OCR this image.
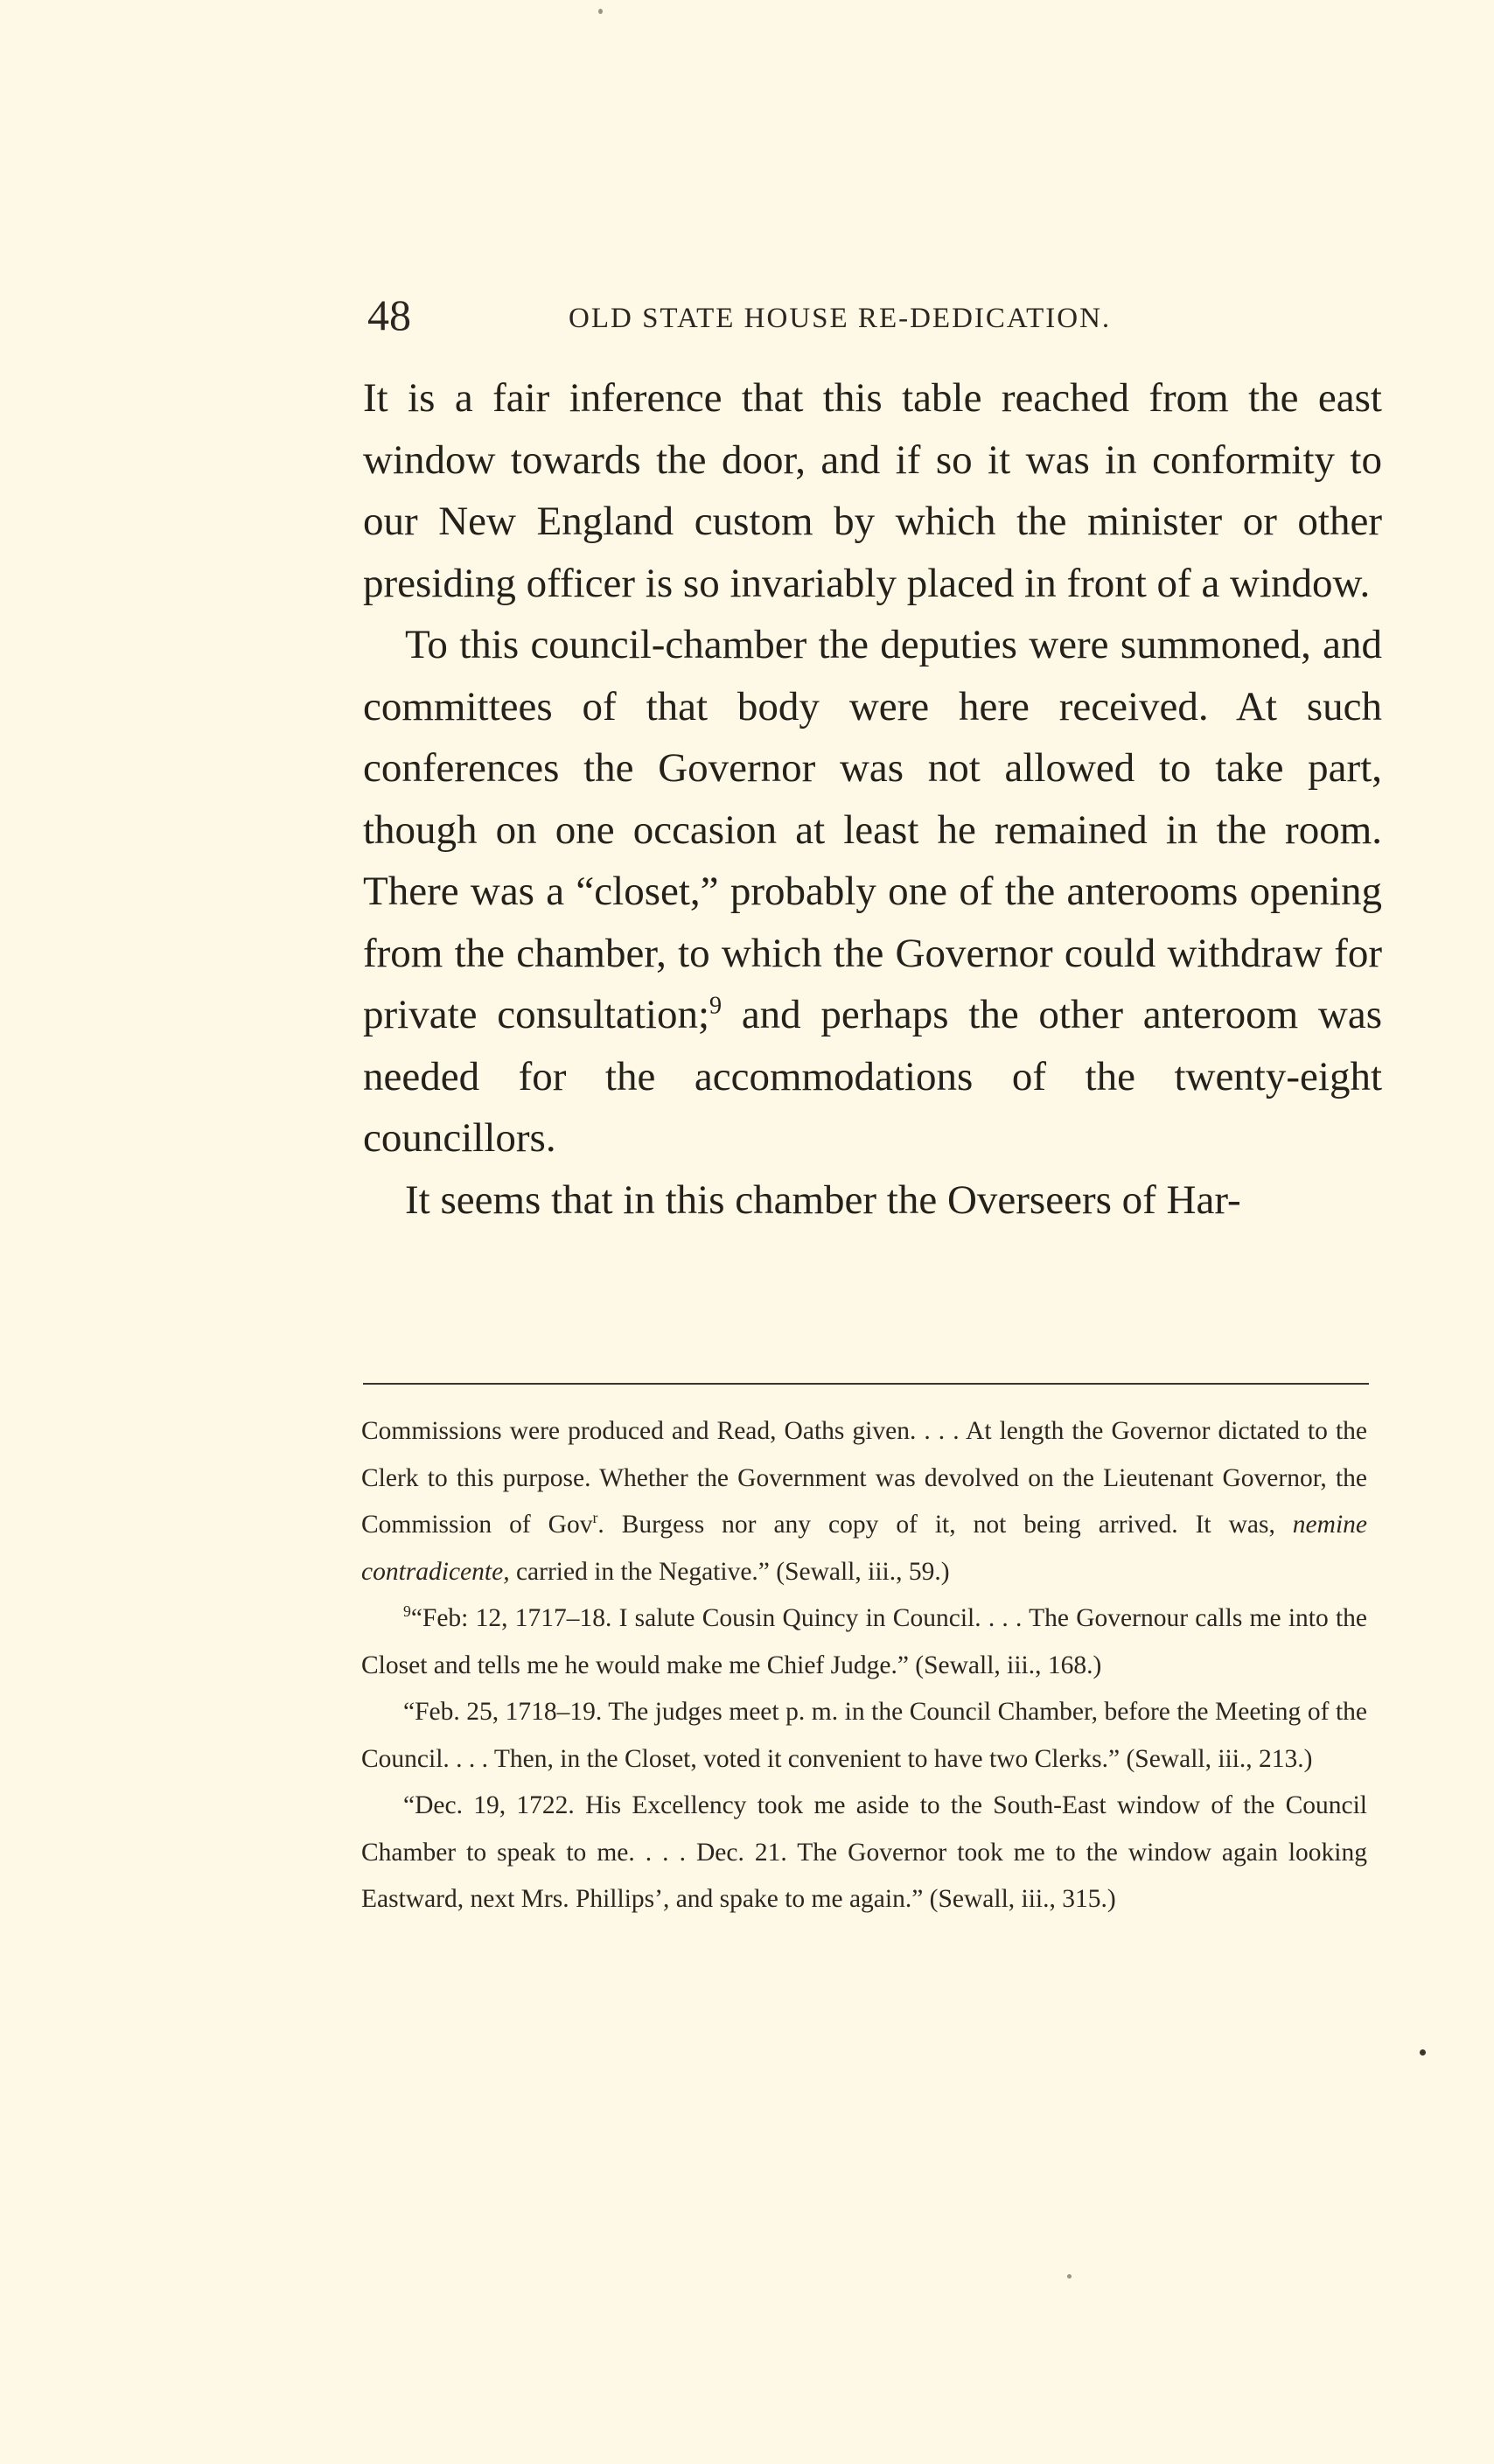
48	OLD STATE HOUSE RE-DEDICATION.

It is a fair inference that this table reached from the east window towards the door, and if so it was in conformity to our New England custom by which the minister or other presiding officer is so invariably placed in front of a window.

To this council-chamber the deputies were summoned, and committees of that body were here received. At such conferences the Governor was not allowed to take part, though on one occasion at least he remained in the room. There was a “closet,” probably one of the anterooms opening from the chamber, to which the Governor could withdraw for private consultation;$^9$ and perhaps the other anteroom was needed for the accommodations of the twenty-eight councillors.

It seems that in this chamber the Overseers of Har-

Commissions were produced and Read, Oaths given. . . . At length the Governor dictated to the Clerk to this purpose. Whether the Government was devolved on the Lieutenant Governor, the Commission of Gov$^r$. Burgess nor any copy of it, not being arrived. It was, nemine contradicente, carried in the Negative.” (Sewall, iii., 59.)

$^9$“Feb: 12, 1717–18. I salute Cousin Quincy in Council. . . . The Governour calls me into the Closet and tells me he would make me Chief Judge.” (Sewall, iii., 168.)

“Feb. 25, 1718–19. The judges meet p. m. in the Council Chamber, before the Meeting of the Council. . . . Then, in the Closet, voted it convenient to have two Clerks.” (Sewall, iii., 213.)

“Dec. 19, 1722. His Excellency took me aside to the South-East window of the Council Chamber to speak to me. . . . Dec. 21. The Governor took me to the window again looking Eastward, next Mrs. Phillips’, and spake to me again.” (Sewall, iii., 315.)
